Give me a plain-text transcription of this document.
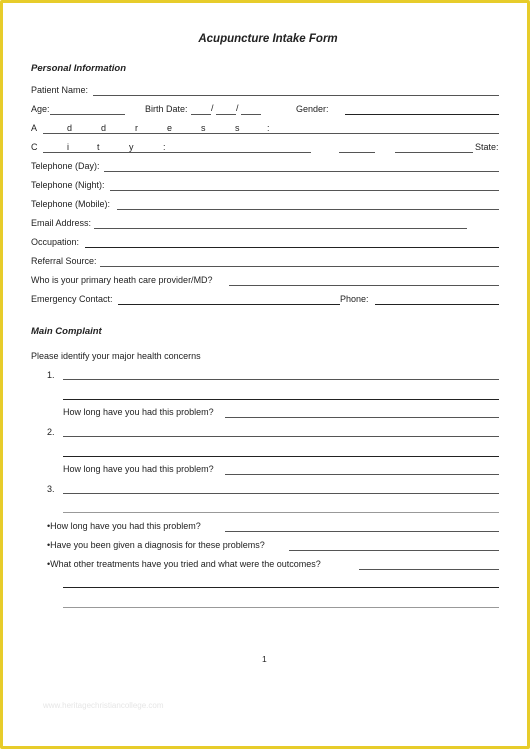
Acupuncture Intake Form
Personal Information
Patient Name:
Age:	Birth Date:	/ /	Gender:
A	d	d	r	e	s	s	:
C	i	t	y	:	State:
Telephone (Day):
Telephone (Night):
Telephone (Mobile):
Email Address:
Occupation:
Referral Source:
Who is your primary heath care provider/MD?
Emergency Contact:	Phone:
Main Complaint
Please identify your major health concerns
1.
How long have you had this problem?
2.
How long have you had this problem?
3.
•How long have you had this problem?
•Have you been given a diagnosis for these problems?
•What other treatments have you tried and what were the outcomes?
1
www.heritagechristiancollege.com
